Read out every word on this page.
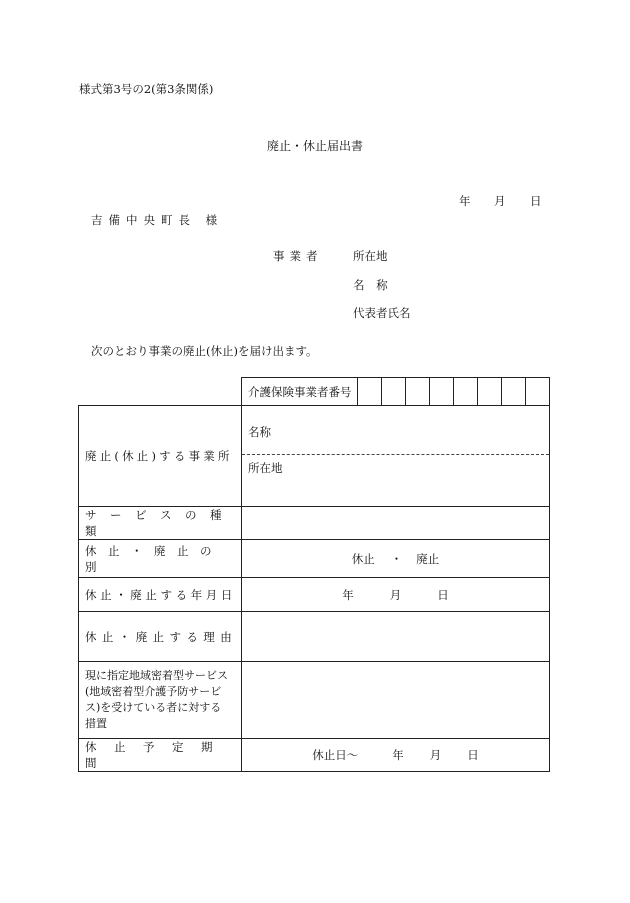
様式第3号の2(第3条関係)
廃止・休止届出書
年 月 日
吉備中央町長 様
事業者	所在地
名 称
代表者氏名
次のとおり事業の廃止(休止)を届け出ます。
	介護保険事業者番号								

廃止(休止)する事業所	名称
所在地								

サービスの種類									
休止・廃止の別	休止 ・ 廃止								
休止・廃止する年月日	年 月 日								
休止・廃止する理由									

現に指定地域密着型サービス
(地域密着型介護予防サービ
ス)を受けている者に対する
措置									

休止予定期間	休止日〜 年 月 日								
